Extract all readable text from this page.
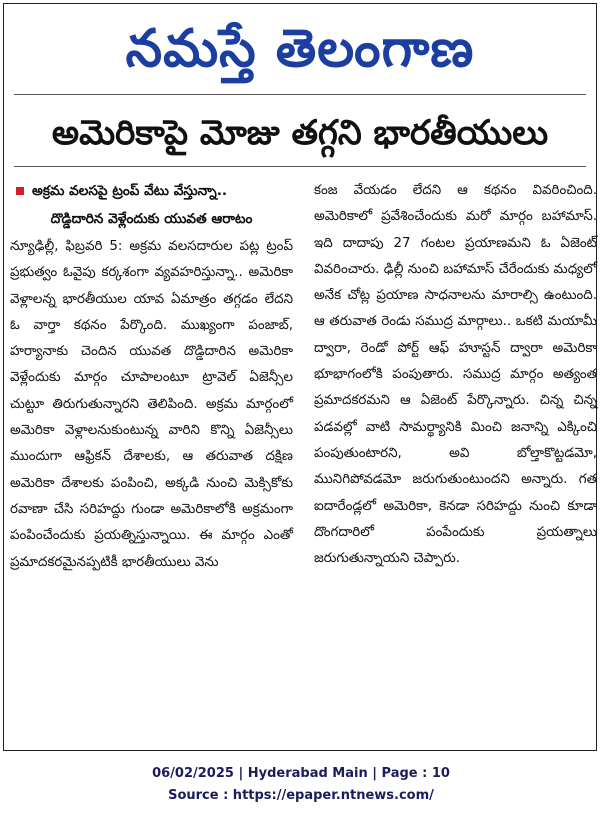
నమస్తే తెలంగాణ
అమెరికాపై మోజు తగ్గని భారతీయులు
అక్రమ వలసపై ట్రంప్ వేటు వేస్తున్నా..
దొడ్డిదారిన వెళ్లేందుకు యువత ఆరాటం

న్యూఢిల్లీ, ఫిబ్రవరి 5: అక్రమ వలసదారుల పట్ల ట్రంప్ ప్రభుత్వం ఓవైపు కర్కశంగా వ్యవహరిస్తున్నా.. అమెరికా వెళ్లాలన్న భారతీయుల యావ ఏమాత్రం తగ్గడం లేదని ఓ వార్తా కథనం పేర్కొంది. ముఖ్యంగా పంజాబ్, హర్యానాకు చెందిన యువత దొడ్డిదారిన అమెరికా వెళ్లేందుకు మార్గం చూపాలంటూ ట్రావెల్ ఏజెన్సీల చుట్టూ తిరుగుతున్నారని తెలిపింది. అక్రమ మార్గంలో అమెరికా వెళ్లాలనుకుంటున్న వారిని కొన్ని ఏజెన్సీలు ముందుగా ఆఫ్రికన్ దేశాలకు, ఆ తరువాత దక్షిణ అమెరికా దేశాలకు పంపించి, అక్కడి నుంచి మెక్సికోకు రవాణా చేసి సరిహద్దు గుండా అమెరికాలోకి అక్రమంగా పంపించేందుకు ప్రయత్నిస్తున్నాయి. ఈ మార్గం ఎంతో ప్రమాదకరమైనప్పటికీ భారతీయులు వెను

కంజ వేయడం లేదని ఆ కథనం వివరించింది. అమెరికాలో ప్రవేశించేందుకు మరో మార్గం బహామాస్. ఇది దాదాపు 27 గంటల ప్రయాణమని ఓ ఏజెంట్ వివరించారు. ఢిల్లీ నుంచి బహామాస్ చేరేందుకు మధ్యలో అనేక చోట్ల ప్రయాణ సాధనాలను మారాల్సి ఉంటుంది. ఆ తరువాత రెండు సముద్ర మార్గాలు.. ఒకటి మయామీ ద్వారా, రెండో పోర్ట్ ఆఫ్ హూస్టన్ ద్వారా అమెరికా భూభాగంలోకి పంపుతారు. సముద్ర మార్గం అత్యంత ప్రమాదకరమని ఆ ఏజెంట్ పేర్కొన్నారు. చిన్న చిన్న పడవల్లో వాటి సామర్థ్యానికి మించి జనాన్ని ఎక్కించి పంపుతుంటారని, అవి బోల్తాకొట్టడమో, మునిగిపోవడమో జరుగుతుంటుందని అన్నారు. గత ఐదారేండ్లలో అమెరికా, కెనడా సరిహద్దు నుంచి కూడా దొంగదారిలో పంపేందుకు ప్రయత్నాలు జరుగుతున్నాయని చెప్పారు.

06/02/2025 | Hyderabad Main | Page : 10
Source : https://epaper.ntnews.com/
